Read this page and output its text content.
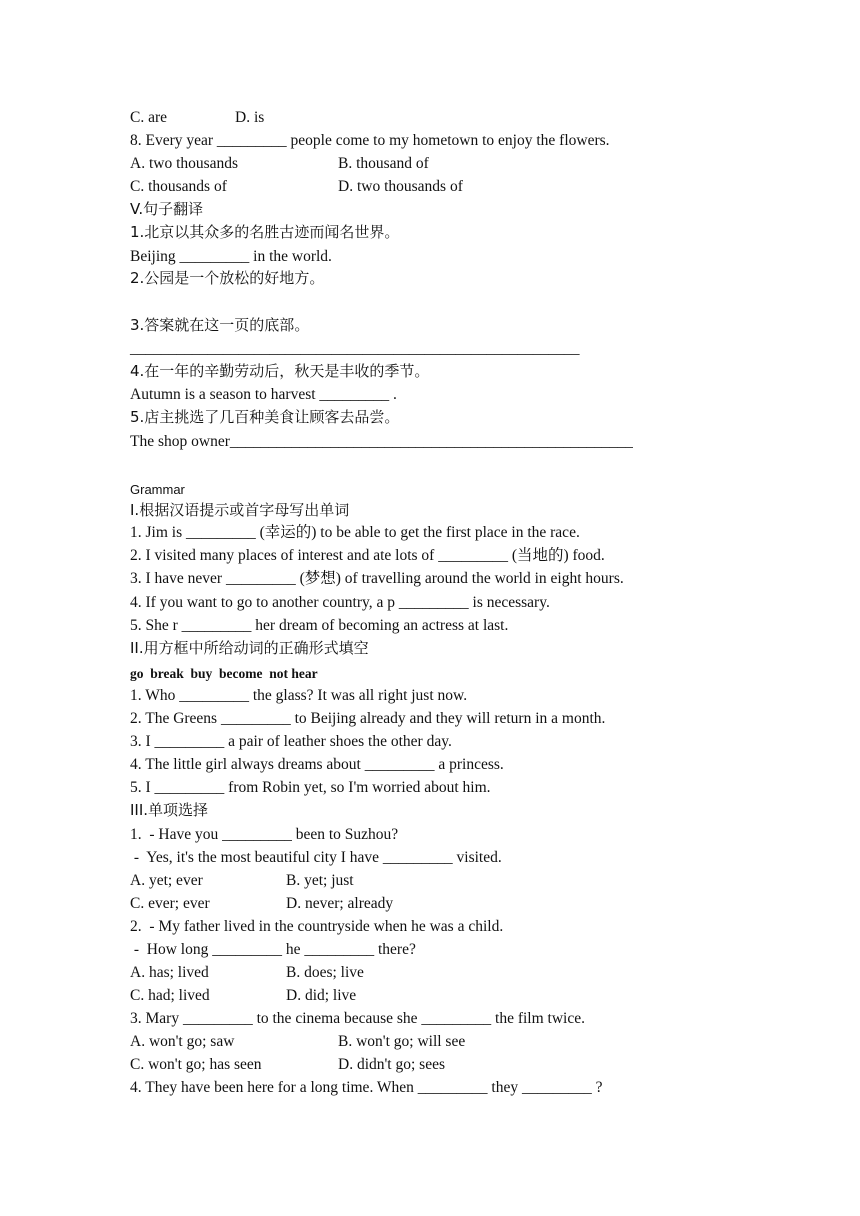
C. are	D. is
8. Every year _________ people come to my hometown to enjoy the flowers.
A. two thousands	B. thousand of
C. thousands of	D. two thousands of
V.句子翻译
1.北京以其众多的名胜古迹而闻名世界。
Beijing _________ in the world.
2.公园是一个放松的好地方。
3.答案就在这一页的底部。
__________________________________________________________
4.在一年的辛勤劳动后，秋天是丰收的季节。
Autumn is a season to harvest _________ .
5.店主挑选了几百种美食让顾客去品尝。
The shop owner____________________________________________________
Grammar
I.根据汉语提示或首字母写出单词
1. Jim is _________ (幸运的) to be able to get the first place in the race.
2. I visited many places of interest and ate lots of _________ (当地的) food.
3. I have never _________ (梦想) of travelling around the world in eight hours.
4. If you want to go to another country, a p _________ is necessary.
5. She r _________ her dream of becoming an actress at last.
II.用方框中所给动词的正确形式填空
go  break  buy  become  not hear
1. Who _________ the glass? It was all right just now.
2. The Greens _________ to Beijing already and they will return in a month.
3. I _________ a pair of leather shoes the other day.
4. The little girl always dreams about _________ a princess.
5. I _________ from Robin yet, so I'm worried about him.
III.单项选择
1.  - Have you _________ been to Suzhou?
-  Yes, it's the most beautiful city I have _________ visited.
A. yet; ever	B. yet; just
C. ever; ever	D. never; already
2.  - My father lived in the countryside when he was a child.
-  How long _________ he _________ there?
A. has; lived	B. does; live
C. had; lived	D. did; live
3. Mary _________ to the cinema because she _________ the film twice.
A. won't go; saw	B. won't go; will see
C. won't go; has seen	D. didn't go; sees
4. They have been here for a long time. When _________ they _________ ?
